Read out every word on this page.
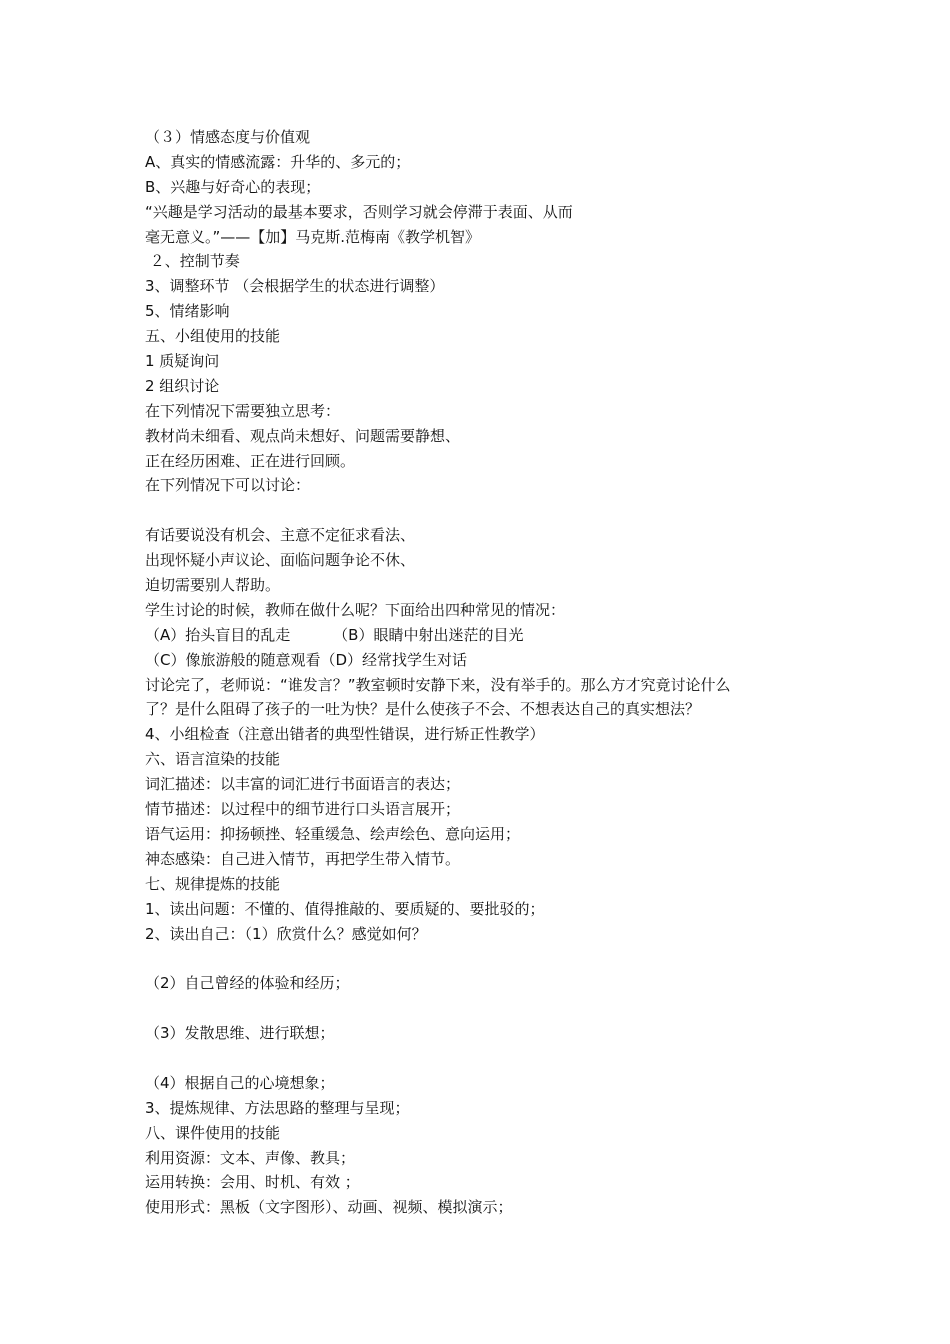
（３）情感态度与价值观

A、真实的情感流露：升华的、多元的；

B、兴趣与好奇心的表现；

“兴趣是学习活动的最基本要求，否则学习就会停滞于表面、从而

毫无意义。”——【加】马克斯.范梅南《教学机智》

２、控制节奏

3、调整环节 （会根据学生的状态进行调整）

5、情绪影响

五、小组使用的技能

1 质疑询问

2 组织讨论

在下列情况下需要独立思考：

教材尚未细看、观点尚未想好、问题需要静想、

正在经历困难、正在进行回顾。

在下列情况下可以讨论：

有话要说没有机会、主意不定征求看法、

出现怀疑小声议论、面临问题争论不休、

迫切需要别人帮助。

学生讨论的时候，教师在做什么呢？下面给出四种常见的情况：

（A）抬头盲目的乱走         （B）眼睛中射出迷茫的目光

（C）像旅游般的随意观看（D）经常找学生对话

讨论完了，老师说：“谁发言？”教室顿时安静下来，没有举手的。那么方才究竟讨论什么

了？是什么阻碍了孩子的一吐为快？是什么使孩子不会、不想表达自己的真实想法？

4、小组检查（注意出错者的典型性错误，进行矫正性教学）

六、语言渲染的技能

词汇描述：以丰富的词汇进行书面语言的表达；

情节描述：以过程中的细节进行口头语言展开；

语气运用：抑扬顿挫、轻重缓急、绘声绘色、意向运用；

神态感染：自己进入情节，再把学生带入情节。

七、规律提炼的技能

1、读出问题：不懂的、值得推敲的、要质疑的、要批驳的；

2、读出自己：（1）欣赏什么？感觉如何？

（2）自己曾经的体验和经历；

（3）发散思维、进行联想；

（4）根据自己的心境想象；

3、提炼规律、方法思路的整理与呈现；

八、课件使用的技能

利用资源：文本、声像、教具；

运用转换：会用、时机、有效 ；

使用形式：黑板（文字图形）、动画、视频、模拟演示；
